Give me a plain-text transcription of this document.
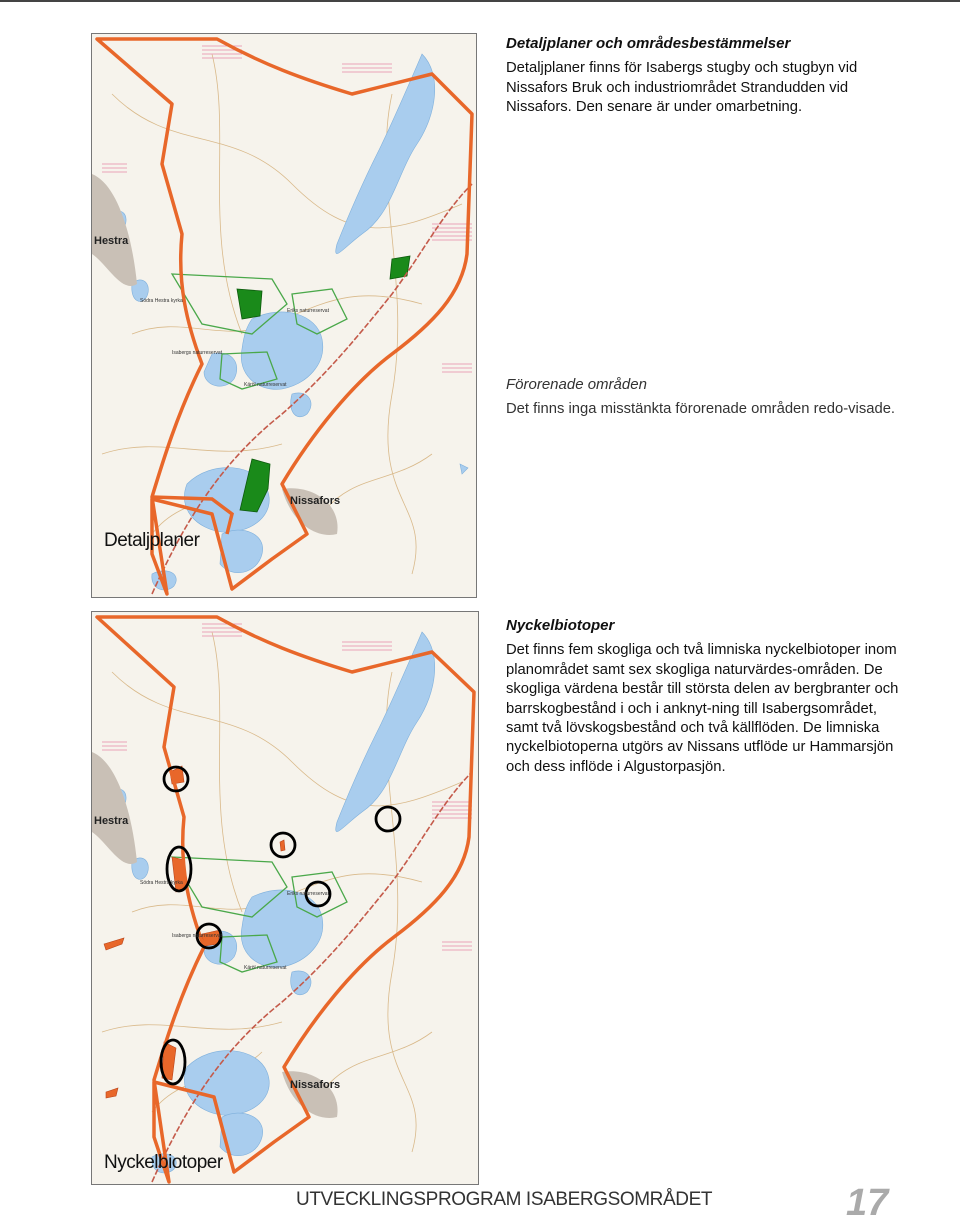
Hestra
Nissafors
Isabergs naturreservat
Södra Hestra kyrka
Käröl naturreservat
Eriks naturreservat
Detaljplaner

Detaljplaner och områdesbestämmelser

Detaljplaner finns för Isabergs stugby och stugbyn vid Nissafors Bruk och industriområdet Strandudden vid Nissafors. Den senare är under omarbetning.

Förorenade områden

Det finns inga misstänkta förorenade områden redo-visade.

Hestra
Nissafors
Isabergs naturreservat
Södra Hestra kyrka
Käröl naturreservat
Eriks naturreservat
Nyckelbiotoper

Nyckelbiotoper

Det finns fem skogliga och två limniska nyckelbiotoper inom planområdet samt sex skogliga naturvärdes-områden. De skogliga värdena består till största delen av bergbranter och barrskogbestånd i och i anknyt-ning till Isabergsområdet, samt två lövskogsbestånd och två källflöden. De limniska nyckelbiotoperna utgörs av Nissans utflöde ur Hammarsjön och dess inflöde i Algustorpasjön.

UTVECKLINGSPROGRAM ISABERGSOMRÅDET	17
